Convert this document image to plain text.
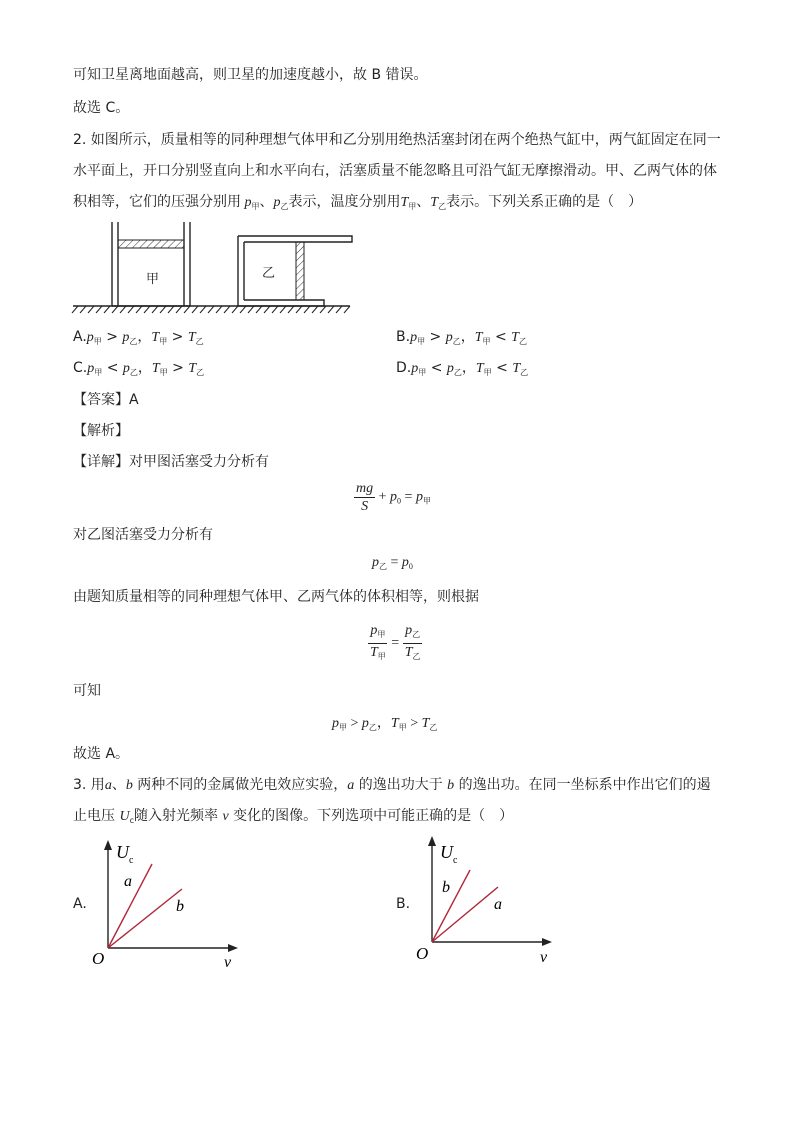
可知卫星离地面越高，则卫星的加速度越小，故 B 错误。
故选 C。
2. 如图所示，质量相等的同种理想气体甲和乙分别用绝热活塞封闭在两个绝热气缸中，两气缸固定在同一
水平面上，开口分别竖直向上和水平向右，活塞质量不能忽略且可沿气缸无摩擦滑动。甲、乙两气体的体
积相等，它们的压强分别用 $p_甲$、$p_乙$表示，温度分别用$T_甲$、$T_乙$表示。下列关系正确的是（　）
甲	乙
$A.p_甲 > p_乙$，$T_甲 > T_乙$	$B.p_甲 > p_乙$，$T_甲 < T_乙$
$C.p_甲 < p_乙$，$T_甲 > T_乙$	$D.p_甲 < p_乙$，$T_甲 < T_乙$
【答案】A
【解析】
【详解】对甲图活塞受力分析有
$\frac{mg}{S} + p_0 = p_甲$
对乙图活塞受力分析有
$p_乙 = p_0$
由题知质量相等的同种理想气体甲、乙两气体的体积相等，则根据
$\frac{p_甲}{T_甲} = \frac{p_乙}{T_乙}$
可知
$p_甲 > p_乙$，$T_甲 > T_乙$
故选 A。
3. 用a、b 两种不同的金属做光电效应实验，a 的逸出功大于 b 的逸出功。在同一坐标系中作出它们的遏
止电压 $U_c$随入射光频率 ν 变化的图像。下列选项中可能正确的是（　）
A.
$U_c$
a
b
O	ν
B.
$U_c$
b
a
O	ν
